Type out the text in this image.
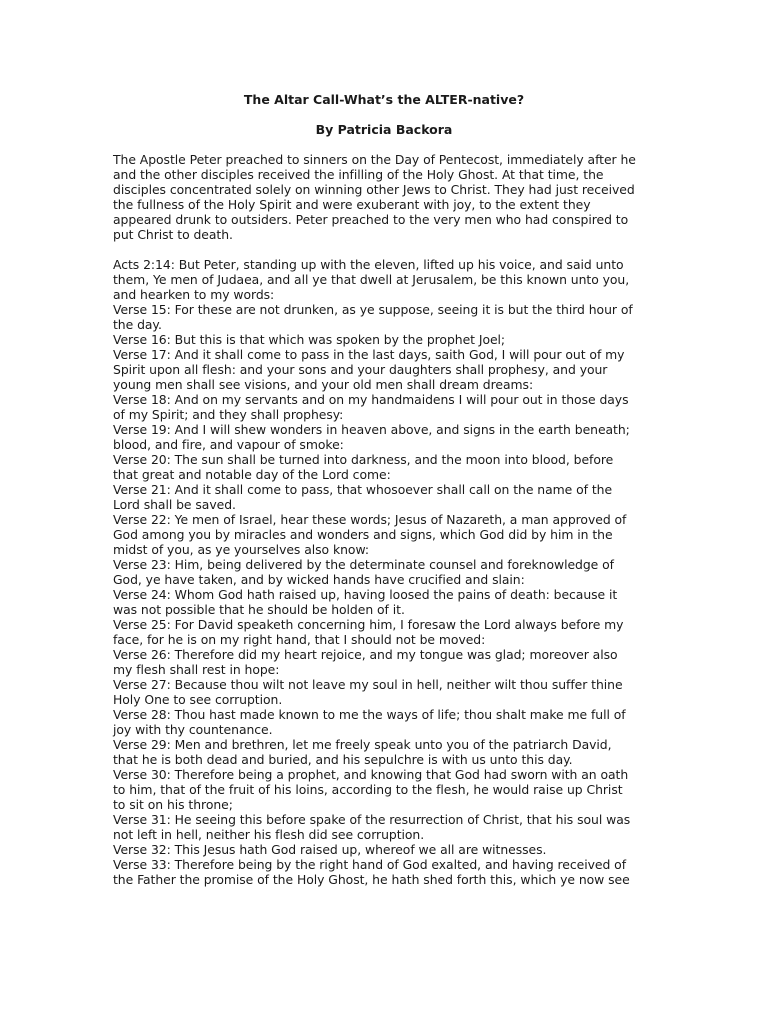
The Altar Call-What’s the ALTER-native?
By Patricia Backora
The Apostle Peter preached to sinners on the Day of Pentecost, immediately after he
and the other disciples received the infilling of the Holy Ghost. At that time, the
disciples concentrated solely on winning other Jews to Christ. They had just received
the fullness of the Holy Spirit and were exuberant with joy, to the extent they
appeared drunk to outsiders. Peter preached to the very men who had conspired to
put Christ to death.
Acts 2:14: But Peter, standing up with the eleven, lifted up his voice, and said unto
them, Ye men of Judaea, and all ye that dwell at Jerusalem, be this known unto you,
and hearken to my words:
Verse 15: For these are not drunken, as ye suppose, seeing it is but the third hour of
the day.
Verse 16: But this is that which was spoken by the prophet Joel;
Verse 17: And it shall come to pass in the last days, saith God, I will pour out of my
Spirit upon all flesh: and your sons and your daughters shall prophesy, and your
young men shall see visions, and your old men shall dream dreams:
Verse 18: And on my servants and on my handmaidens I will pour out in those days
of my Spirit; and they shall prophesy:
Verse 19: And I will shew wonders in heaven above, and signs in the earth beneath;
blood, and fire, and vapour of smoke:
Verse 20: The sun shall be turned into darkness, and the moon into blood, before
that great and notable day of the Lord come:
Verse 21: And it shall come to pass, that whosoever shall call on the name of the
Lord shall be saved.
Verse 22: Ye men of Israel, hear these words; Jesus of Nazareth, a man approved of
God among you by miracles and wonders and signs, which God did by him in the
midst of you, as ye yourselves also know:
Verse 23: Him, being delivered by the determinate counsel and foreknowledge of
God, ye have taken, and by wicked hands have crucified and slain:
Verse 24: Whom God hath raised up, having loosed the pains of death: because it
was not possible that he should be holden of it.
Verse 25: For David speaketh concerning him, I foresaw the Lord always before my
face, for he is on my right hand, that I should not be moved:
Verse 26: Therefore did my heart rejoice, and my tongue was glad; moreover also
my flesh shall rest in hope:
Verse 27: Because thou wilt not leave my soul in hell, neither wilt thou suffer thine
Holy One to see corruption.
Verse 28: Thou hast made known to me the ways of life; thou shalt make me full of
joy with thy countenance.
Verse 29: Men and brethren, let me freely speak unto you of the patriarch David,
that he is both dead and buried, and his sepulchre is with us unto this day.
Verse 30: Therefore being a prophet, and knowing that God had sworn with an oath
to him, that of the fruit of his loins, according to the flesh, he would raise up Christ
to sit on his throne;
Verse 31: He seeing this before spake of the resurrection of Christ, that his soul was
not left in hell, neither his flesh did see corruption.
Verse 32: This Jesus hath God raised up, whereof we all are witnesses.
Verse 33: Therefore being by the right hand of God exalted, and having received of
the Father the promise of the Holy Ghost, he hath shed forth this, which ye now see
